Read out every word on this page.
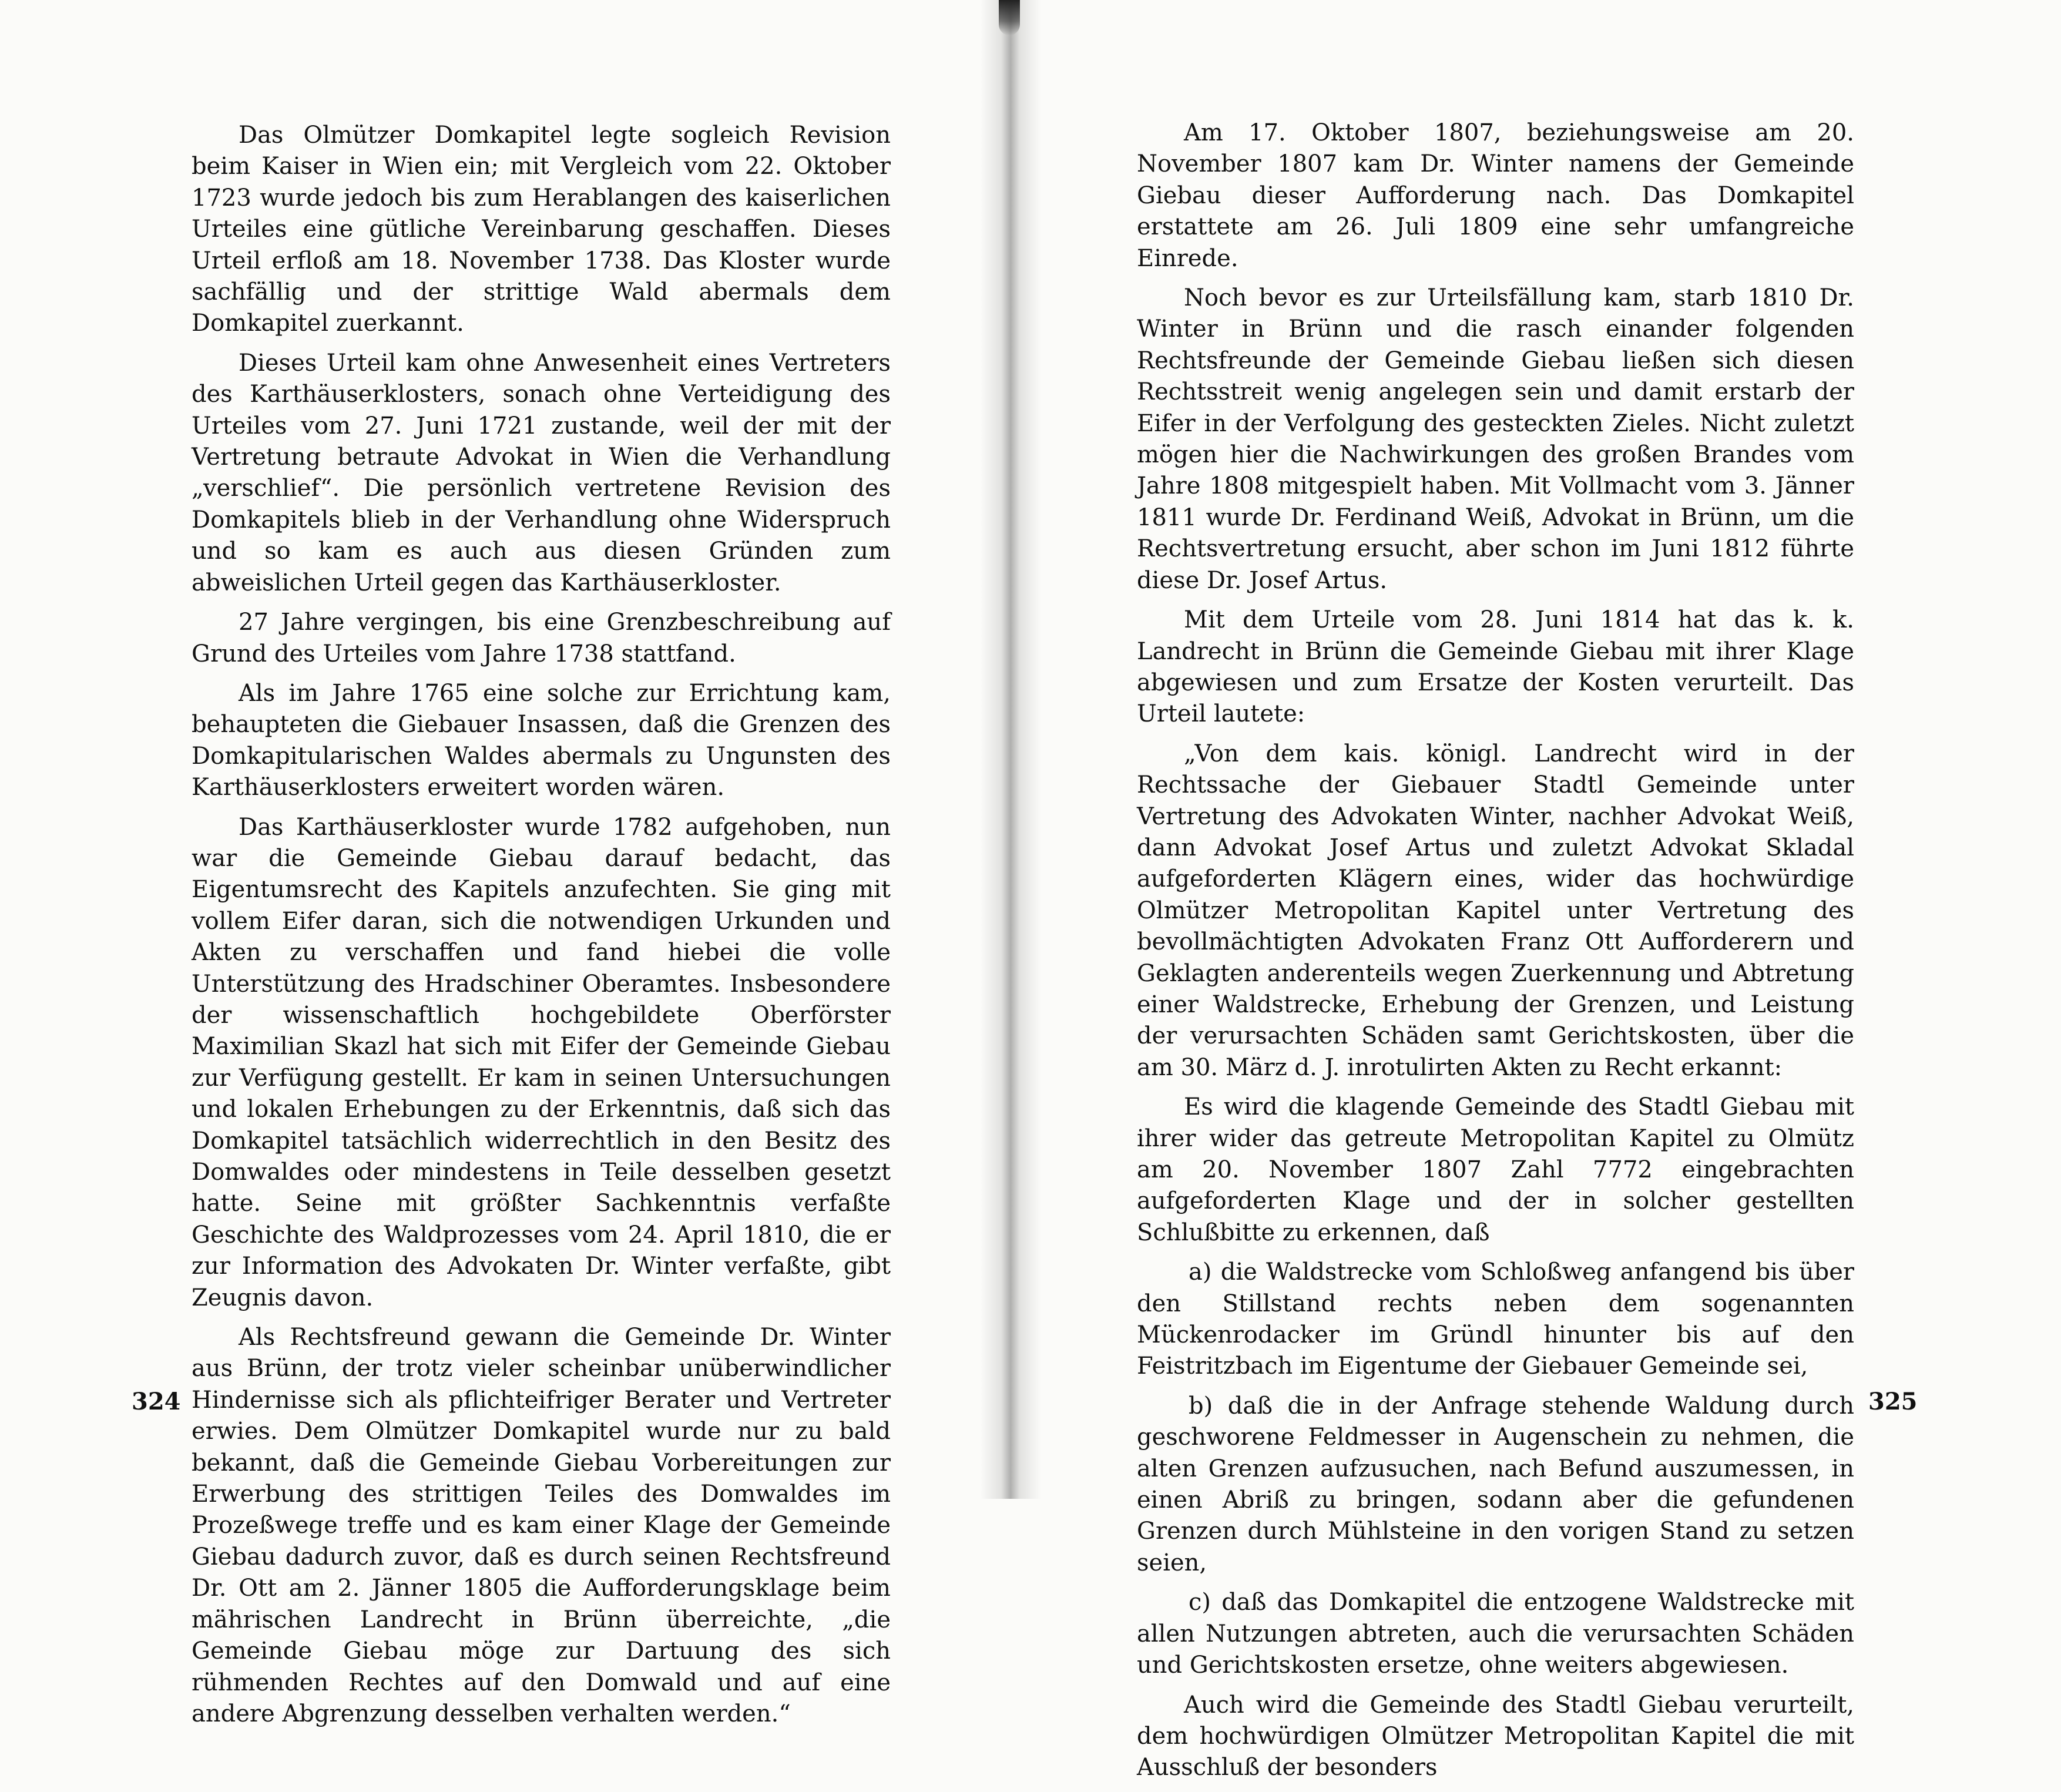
Das Olmützer Domkapitel legte sogleich Revision beim Kaiser in Wien ein; mit Vergleich vom 22. Oktober 1723 wurde jedoch bis zum Herablangen des kaiserlichen Urteiles eine gütliche Vereinbarung geschaffen. Dieses Urteil erfloß am 18. November 1738. Das Kloster wurde sachfällig und der strittige Wald abermals dem Domkapitel zuerkannt.

Dieses Urteil kam ohne Anwesenheit eines Vertreters des Karthäuserklosters, sonach ohne Verteidigung des Urteiles vom 27. Juni 1721 zustande, weil der mit der Vertretung betraute Advokat in Wien die Verhandlung „verschlief“. Die persönlich vertretene Revision des Domkapitels blieb in der Verhandlung ohne Widerspruch und so kam es auch aus diesen Gründen zum abweislichen Urteil gegen das Karthäuserkloster.

27 Jahre vergingen, bis eine Grenzbeschreibung auf Grund des Urteiles vom Jahre 1738 stattfand.

Als im Jahre 1765 eine solche zur Errichtung kam, behaupteten die Giebauer Insassen, daß die Grenzen des Domkapitularischen Waldes abermals zu Ungunsten des Karthäuserklosters erweitert worden wären.

Das Karthäuserkloster wurde 1782 aufgehoben, nun war die Gemeinde Giebau darauf bedacht, das Eigentumsrecht des Kapitels anzufechten. Sie ging mit vollem Eifer daran, sich die notwendigen Urkunden und Akten zu verschaffen und fand hiebei die volle Unterstützung des Hradschiner Oberamtes. Insbesondere der wissenschaftlich hochgebildete Oberförster Maximilian Skazl hat sich mit Eifer der Gemeinde Giebau zur Verfügung gestellt. Er kam in seinen Untersuchungen und lokalen Erhebungen zu der Erkenntnis, daß sich das Domkapitel tatsächlich widerrechtlich in den Besitz des Domwaldes oder mindestens in Teile desselben gesetzt hatte. Seine mit größter Sachkenntnis verfaßte Geschichte des Waldprozesses vom 24. April 1810, die er zur Information des Advokaten Dr. Winter verfaßte, gibt Zeugnis davon.

Als Rechtsfreund gewann die Gemeinde Dr. Winter aus Brünn, der trotz vieler scheinbar unüberwindlicher Hindernisse sich als pflichteifriger Berater und Vertreter erwies. Dem Olmützer Domkapitel wurde nur zu bald bekannt, daß die Gemeinde Giebau Vorbereitungen zur Erwerbung des strittigen Teiles des Domwaldes im Prozeßwege treffe und es kam einer Klage der Gemeinde Giebau dadurch zuvor, daß es durch seinen Rechtsfreund Dr. Ott am 2. Jänner 1805 die Aufforderungsklage beim mährischen Landrecht in Brünn überreichte, „die Gemeinde Giebau möge zur Dartuung des sich rühmenden Rechtes auf den Domwald und auf eine andere Abgrenzung desselben verhalten werden.“

324

Am 17. Oktober 1807, beziehungsweise am 20. November 1807 kam Dr. Winter namens der Gemeinde Giebau dieser Aufforderung nach. Das Domkapitel erstattete am 26. Juli 1809 eine sehr umfangreiche Einrede.

Noch bevor es zur Urteilsfällung kam, starb 1810 Dr. Winter in Brünn und die rasch einander folgenden Rechtsfreunde der Gemeinde Giebau ließen sich diesen Rechtsstreit wenig angelegen sein und damit erstarb der Eifer in der Verfolgung des gesteckten Zieles. Nicht zuletzt mögen hier die Nachwirkungen des großen Brandes vom Jahre 1808 mitgespielt haben. Mit Vollmacht vom 3. Jänner 1811 wurde Dr. Ferdinand Weiß, Advokat in Brünn, um die Rechtsvertretung ersucht, aber schon im Juni 1812 führte diese Dr. Josef Artus.

Mit dem Urteile vom 28. Juni 1814 hat das k. k. Landrecht in Brünn die Gemeinde Giebau mit ihrer Klage abgewiesen und zum Ersatze der Kosten verurteilt. Das Urteil lautete:

„Von dem kais. königl. Landrecht wird in der Rechtssache der Giebauer Stadtl Gemeinde unter Vertretung des Advokaten Winter, nachher Advokat Weiß, dann Advokat Josef Artus und zuletzt Advokat Skladal aufgeforderten Klägern eines, wider das hochwürdige Olmützer Metropolitan Kapitel unter Vertretung des bevollmächtigten Advokaten Franz Ott Aufforderern und Geklagten anderenteils wegen Zuerkennung und Abtretung einer Waldstrecke, Erhebung der Grenzen, und Leistung der verursachten Schäden samt Gerichtskosten, über die am 30. März d. J. inrotulirten Akten zu Recht erkannt:

Es wird die klagende Gemeinde des Stadtl Giebau mit ihrer wider das getreute Metropolitan Kapitel zu Olmütz am 20. November 1807 Zahl 7772 eingebrachten aufgeforderten Klage und der in solcher gestellten Schlußbitte zu erkennen, daß

a) die Waldstrecke vom Schloßweg anfangend bis über den Stillstand rechts neben dem sogenannten Mückenrodacker im Gründl hinunter bis auf den Feistritzbach im Eigentume der Giebauer Gemeinde sei,

b) daß die in der Anfrage stehende Waldung durch geschworene Feldmesser in Augenschein zu nehmen, die alten Grenzen aufzusuchen, nach Befund auszumessen, in einen Abriß zu bringen, sodann aber die gefundenen Grenzen durch Mühlsteine in den vorigen Stand zu setzen seien,

c) daß das Domkapitel die entzogene Waldstrecke mit allen Nutzungen abtreten, auch die verursachten Schäden und Gerichtskosten ersetze, ohne weiters abgewiesen.

Auch wird die Gemeinde des Stadtl Giebau verurteilt, dem hochwürdigen Olmützer Metropolitan Kapitel die mit Ausschluß der besonders

325
